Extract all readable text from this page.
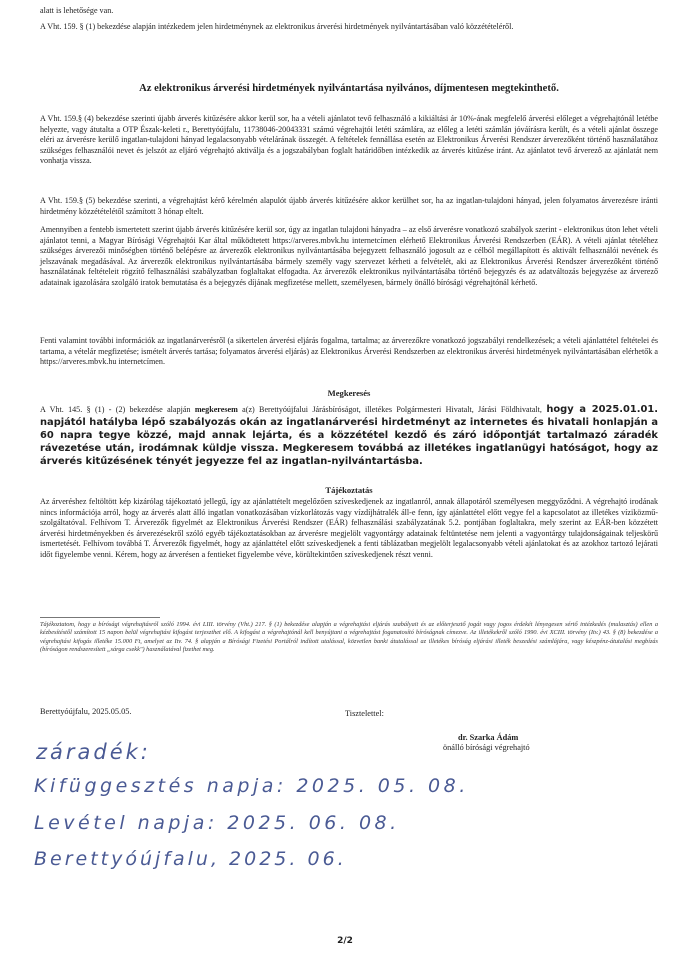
alatt is lehetősége van.

A Vht. 159. § (1) bekezdése alapján intézkedem jelen hirdetménynek az elektronikus árverési hirdetmények nyilvántartásában való közzétételéről.

Az elektronikus árverési hirdetmények nyilvántartása nyilvános, díjmentesen megtekinthető.

A Vht. 159.§ (4) bekezdése szerinti újabb árverés kitűzésére akkor kerül sor, ha a vételi ajánlatot tevő felhasználó a kikiáltási ár 10%-ának megfelelő árverési előleget a végrehajtónál letétbe helyezte, vagy átutalta a OTP Észak-keleti r., Berettyóújfalu, 11738046-20043331 számú végrehajtói letéti számlára, az előleg a letéti számlán jóváírásra került, és a vételi ajánlat összege eléri az árverésre kerülő ingatlan-tulajdoni hányad legalacsonyabb vételárának összegét. A feltételek fennállása esetén az Elektronikus Árverési Rendszer árverezőként történő használatához szükséges felhasználói nevet és jelszót az eljáró végrehajtó aktiválja és a jogszabályban foglalt határidőben intézkedik az árverés kitűzése iránt. Az ajánlatot tevő árverező az ajánlatát nem vonhatja vissza.

A Vht. 159.§ (5) bekezdése szerinti, a végrehajtást kérő kérelmén alapulót újabb árverés kitűzésére akkor kerülhet sor, ha az ingatlan-tulajdoni hányad, jelen folyamatos árverezésre iránti hirdetmény közzétételétől számított 3 hónap eltelt.

Amennyiben a fentebb ismertetett szerint újabb árverés kitűzésére kerül sor, úgy az ingatlan tulajdoni hányadra – az első árverésre vonatkozó szabályok szerint - elektronikus úton lehet vételi ajánlatot tenni, a Magyar Bírósági Végrehajtói Kar által működtetett https://arveres.mbvk.hu internetcímen elérhető Elektronikus Árverési Rendszerben (EÁR). A vételi ajánlat tételéhez szükséges árverezői minőségben történő belépésre az árverezők elektronikus nyilvántartásába bejegyzett felhasználó jogosult az e célból megállapított és aktivált felhasználói nevének és jelszavának megadásával. Az árverezők elektronikus nyilvántartásába bármely személy vagy szervezet kérheti a felvételét, aki az Elektronikus Árverési Rendszer árverezőként történő használatának feltételeit rögzítő felhasználási szabályzatban foglaltakat elfogadta. Az árverezők elektronikus nyilvántartásába történő bejegyzés és az adatváltozás bejegyzése az árverező adatainak igazolására szolgáló iratok bemutatása és a bejegyzés díjának megfizetése mellett, személyesen, bármely önálló bírósági végrehajtónál kérhető.

Fenti valamint további információk az ingatlanárverésről (a sikertelen árverési eljárás fogalma, tartalma; az árverezőkre vonatkozó jogszabályi rendelkezések; a vételi ajánlattétel feltételei és tartama, a vételár megfizetése; ismételt árverés tartása; folyamatos árverési eljárás) az Elektronikus Árverési Rendszerben az elektronikus árverési hirdetmények nyilvántartásában elérhetők a https://arveres.mbvk.hu internetcímen.

Megkeresés

A Vht. 145. § (1) - (2) bekezdése alapján megkeresem a(z) Berettyóújfalui Járásbíróságot, illetékes Polgármesteri Hivatalt, Járási Földhivatalt, hogy a 2025.01.01. napjától hatályba lépő szabályozás okán az ingatlanárverési hirdetményt az internetes és hivatali honlapján a 60 napra tegye közzé, majd annak lejárta, és a közzététel kezdő és záró időpontját tartalmazó záradék rávezetése után, irodámnak küldje vissza. Megkeresem továbbá az illetékes ingatlanügyi hatóságot, hogy az árverés kitűzésének tényét jegyezze fel az ingatlan-nyilvántartásba.

Tájékoztatás

Az árveréshez feltöltött kép kizárólag tájékoztató jellegű, így az ajánlattételt megelőzően szíveskedjenek az ingatlanról, annak állapotáról személyesen meggyőződni. A végrehajtó irodának nincs információja arról, hogy az árverés alatt álló ingatlan vonatkozásában vízkorlátozás vagy vízdíjhátralék áll-e fenn, így ajánlattétel előtt vegye fel a kapcsolatot az illetékes víziközmű-szolgáltatóval. Felhívom T. Árverezők figyelmét az Elektronikus Árverési Rendszer (EÁR) felhasználási szabályzatának 5.2. pontjában foglaltakra, mely szerint az EÁR-ben közzétett árverési hirdetményekben és árverezésekről szóló egyéb tájékoztatásokban az árverésre megjelölt vagyontárgy adatainak feltüntetése nem jelenti a vagyontárgy tulajdonságainak teljeskörű ismertetését. Felhívom továbbá T. Árverezők figyelmét, hogy az ajánlattétel előtt szíveskedjenek a fenti táblázatban megjelölt legalacsonyabb vételi ajánlatokat és az azokhoz tartozó lejárati időt figyelembe venni. Kérem, hogy az árverésen a fentieket figyelembe véve, körültekintően szíveskedjenek részt venni.

Tájékoztatom, hogy a bírósági végrehajtásról szóló 1994. évi LIII. törvény (Vht.) 217. § (1) bekezdése alapján a végrehajtási eljárás szabályait és az előterjesztő jogát vagy jogos érdekét lényegesen sértő intézkedés (mulasztás) ellen a kézbesítéstől számított 15 napon belül végrehajtási kifogást terjeszthet elő. A kifogást a végrehajtónál kell benyújtani a végrehajtást foganatosító bíróságnak címezve. Az illetékekről szóló 1990. évi XCIII. törvény (Itv.) 43. § (8) bekezdése a végrehajtási kifogás illetéke 15.000 Ft, amelyet az Itv. 74. § alapján a Bírósági Fizetési Portálról indított utalással, közvetlen banki átutalással az illetékes bíróság eljárási illeték beszedési számlájára, vagy készpénz-átutalási megbízás (bíróságon rendszeresített „sárga csekk") használatával fizethet meg.

Berettyóújfalu, 2025.05.05.	Tisztelettel:

dr. Szarka Ádám

önálló bírósági végrehajtó

záradék:

Kifüggesztés napja: 2025. 05. 08.

Levétel napja: 2025. 06. 08.

Berettyóújfalu, 2025. 06.

2/2
